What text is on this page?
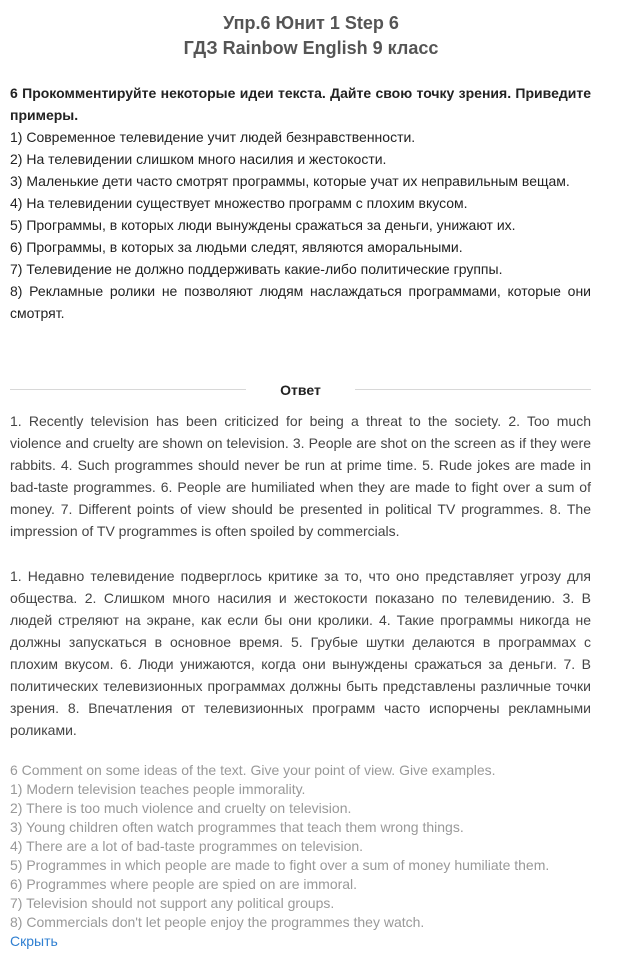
Упр.6 Юнит 1 Step 6
ГДЗ Rainbow English 9 класс

6 Прокомментируйте некоторые идеи текста. Дайте свою точку зрения. Приведите примеры.

1) Современное телевидение учит людей безнравственности.

2) На телевидении слишком много насилия и жестокости.

3) Маленькие дети часто смотрят программы, которые учат их неправильным вещам.

4) На телевидении существует множество программ с плохим вкусом.

5) Программы, в которых люди вынуждены сражаться за деньги, унижают их.

6) Программы, в которых за людьми следят, являются аморальными.

7) Телевидение не должно поддерживать какие-либо политические группы.

8) Рекламные ролики не позволяют людям наслаждаться программами, которые они смотрят.

Ответ

1. Recently television has been criticized for being a threat to the society. 2. Too much violence and cruelty are shown on television. 3. People are shot on the screen as if they were rabbits. 4. Such programmes should never be run at prime time. 5. Rude jokes are made in bad-taste programmes. 6. People are humiliated when they are made to fight over a sum of money. 7. Different points of view should be presented in political TV programmes. 8. The impression of TV programmes is often spoiled by commercials.

1. Недавно телевидение подверглось критике за то, что оно представляет угрозу для общества. 2. Слишком много насилия и жестокости показано по телевидению. 3. В людей стреляют на экране, как если бы они кролики. 4. Такие программы никогда не должны запускаться в основное время. 5. Грубые шутки делаются в программах с плохим вкусом. 6. Люди унижаются, когда они вынуждены сражаться за деньги. 7. В политических телевизионных программах должны быть представлены различные точки зрения. 8. Впечатления от телевизионных программ часто испорчены рекламными роликами.

6 Comment on some ideas of the text. Give your point of view. Give examples.

1) Modern television teaches people immorality.

2) There is too much violence and cruelty on television.

3) Young children often watch programmes that teach them wrong things.

4) There are a lot of bad-taste programmes on television.

5) Programmes in which people are made to fight over a sum of money humiliate them.

6) Programmes where people are spied on are immoral.

7) Television should not support any political groups.

8) Commercials don't let people enjoy the programmes they watch.

Скрыть
